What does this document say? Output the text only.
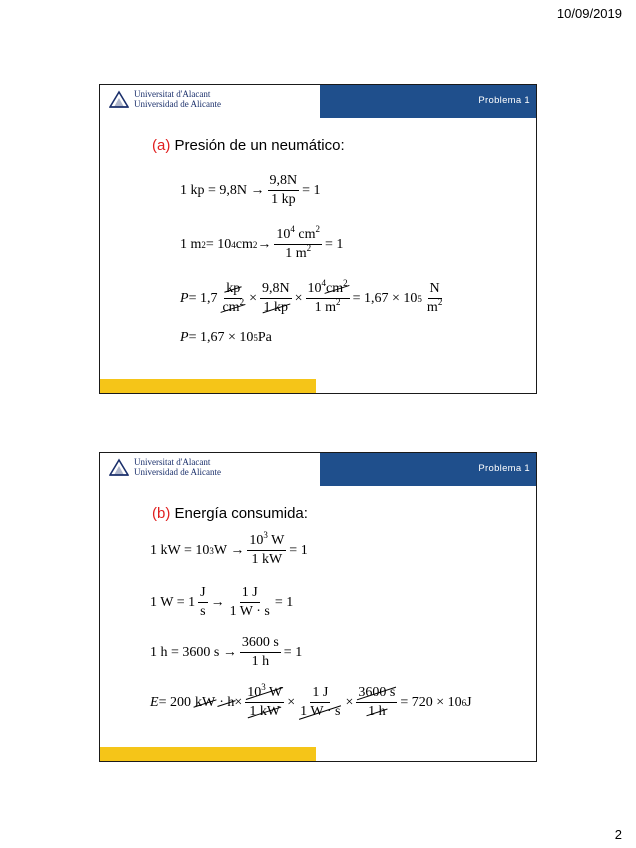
10/09/2019
Universitat d'Alacant
Universidad de Alicante	Problema 1
(a) Presión de un neumático:
1 kp = $9,8N \to \frac{9,8N}{1 kp} = 1$
1 m 2 = 10 4 cm $2 \to \frac{10^4 cm^2}{1 m^2} = 1$
$P = 1,7 \frac{kp}{cm^2} \times \frac{9,8N}{1 kp} \times \frac{10^4cm^2}{1 m^2} = 1,67 \times 10$ $5 \frac{N}{m^2}$
P = 1,67 × 10 5 Pa
Universitat d'Alacant
Universidad de Alicante	Problema 1
(b) Energía consumida:
1 kW = 10 3 $W \to \frac{10^3 W}{1 kW} = 1$
1 $W = 1 \frac{J}{s} \to \frac{1 J}{1 W \cdot s} = 1$
1 h = 3600 $s \to \frac{3600 s}{1 h} = 1$
E = 200 kW · $h \times \frac{10^3 W}{1 kW} \times \frac{1 J}{1 W \cdot s} \times \frac{3600 s}{1 h} = 720 \times 10$ 6 J
2
